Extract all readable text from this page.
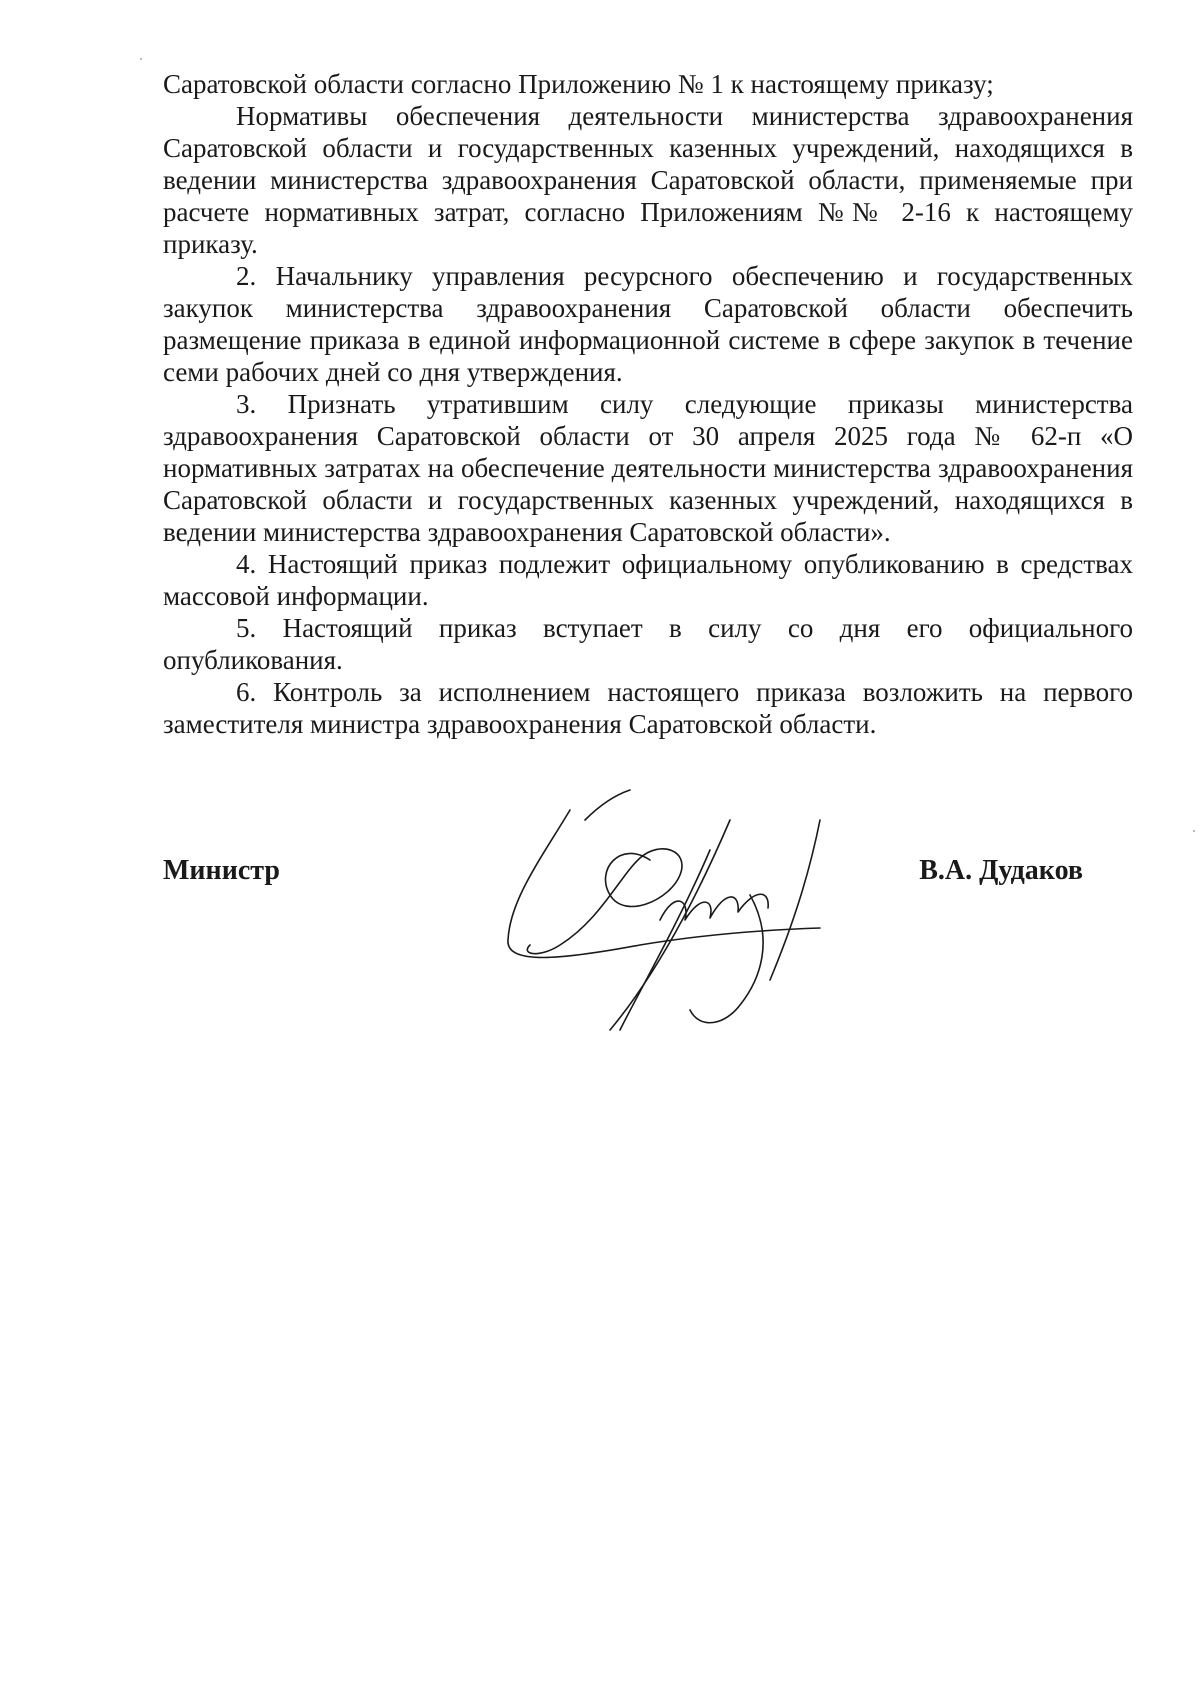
Саратовской области согласно Приложению № 1 к настоящему приказу;

Нормативы обеспечения деятельности министерства здравоохранения Саратовской области и государственных казенных учреждений, находящихся в ведении министерства здравоохранения Саратовской области, применяемые при расчете нормативных затрат, согласно Приложениям №№ 2-16 к настоящему приказу.

2. Начальнику управления ресурсного обеспечению и государственных закупок министерства здравоохранения Саратовской области обеспечить размещение приказа в единой информационной системе в сфере закупок в течение семи рабочих дней со дня утверждения.

3. Признать утратившим силу следующие приказы министерства здравоохранения Саратовской области от 30 апреля 2025 года № 62-п «О нормативных затратах на обеспечение деятельности министерства здравоохранения Саратовской области и государственных казенных учреждений, находящихся в ведении министерства здравоохранения Саратовской области».

4. Настоящий приказ подлежит официальному опубликованию в средствах массовой информации.

5. Настоящий приказ вступает в силу со дня его официального опубликования.

6. Контроль за исполнением настоящего приказа возложить на первого заместителя министра здравоохранения Саратовской области.

Министр	В.А. Дудаков
